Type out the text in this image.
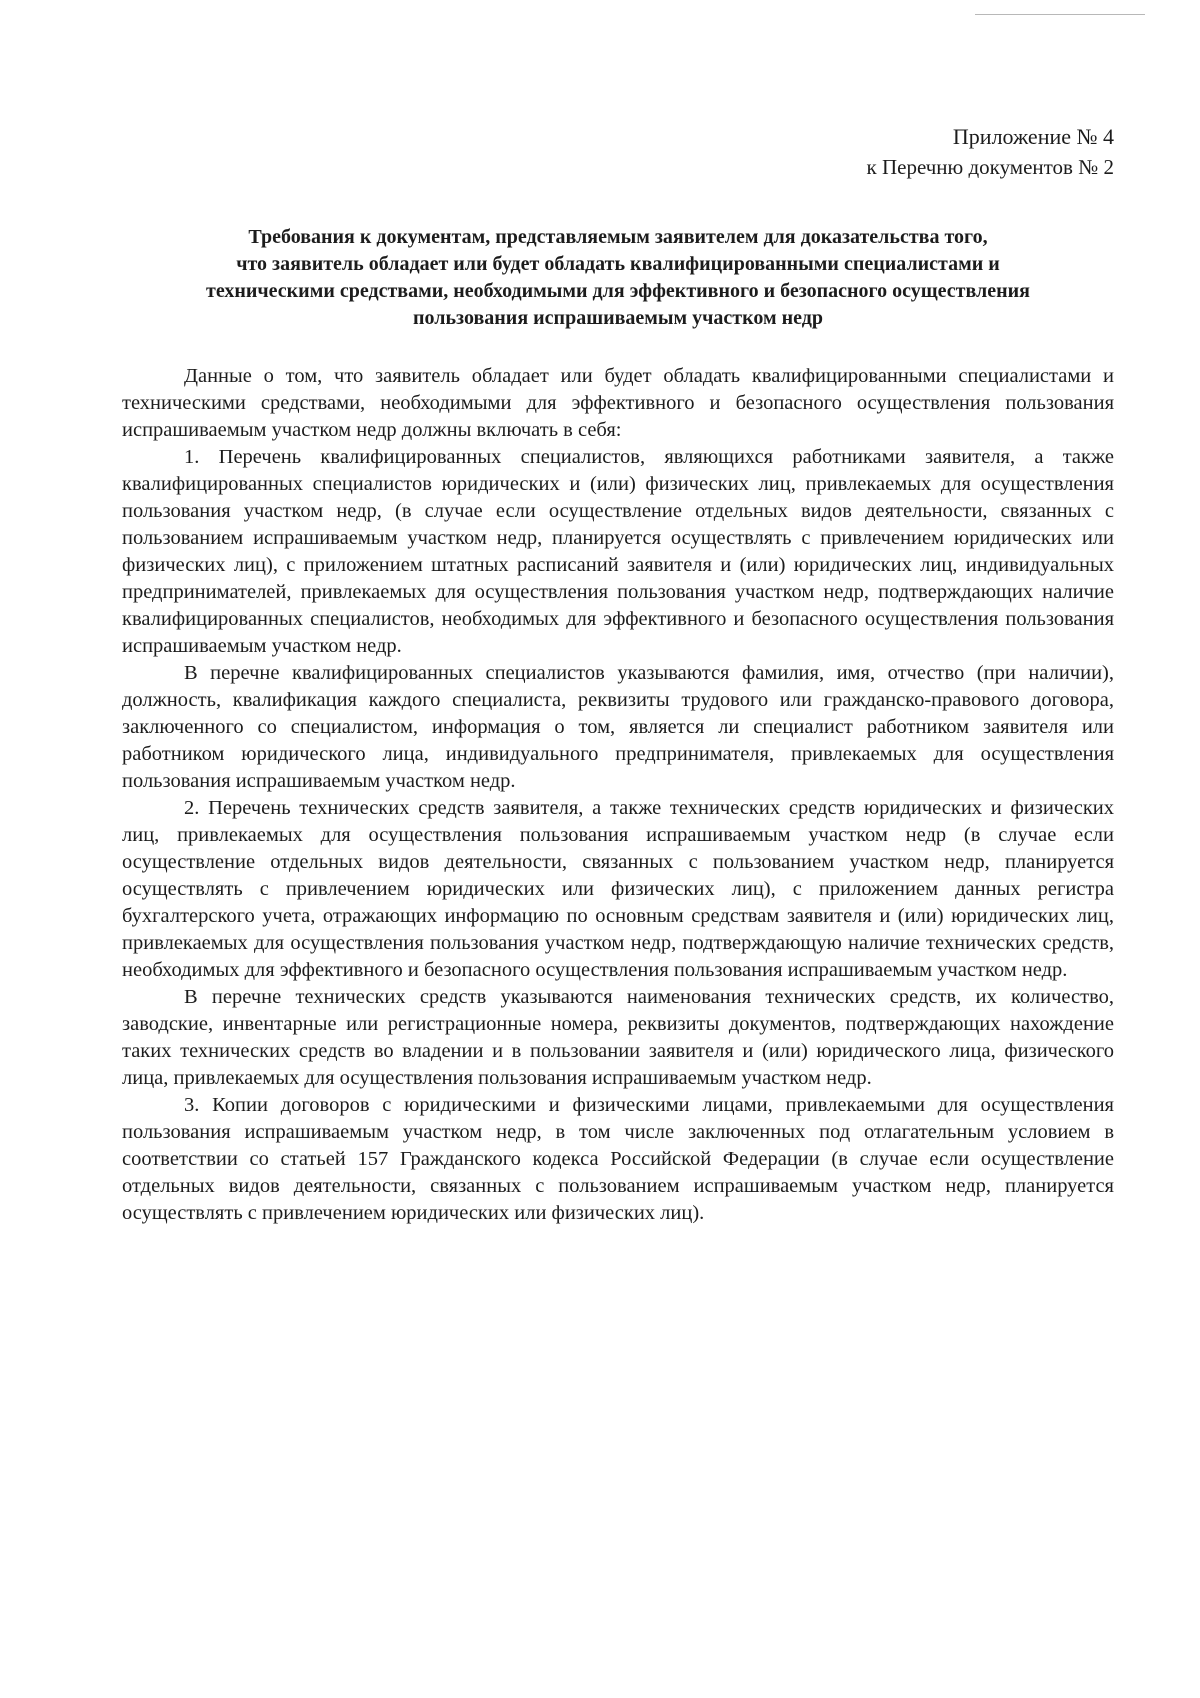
Приложение № 4
к Перечню документов № 2
Требования к документам, представляемым заявителем для доказательства того,
что заявитель обладает или будет обладать квалифицированными специалистами и
техническими средствами, необходимыми для эффективного и безопасного осуществления
пользования испрашиваемым участком недр

Данные о том, что заявитель обладает или будет обладать квалифицированными специалистами и техническими средствами, необходимыми для эффективного и безопасного осуществления пользования испрашиваемым участком недр должны включать в себя:

1. Перечень квалифицированных специалистов, являющихся работниками заявителя, а также квалифицированных специалистов юридических и (или) физических лиц, привлекаемых для осуществления пользования участком недр, (в случае если осуществление отдельных видов деятельности, связанных с пользованием испрашиваемым участком недр, планируется осуществлять с привлечением юридических или физических лиц), с приложением штатных расписаний заявителя и (или) юридических лиц, индивидуальных предпринимателей, привлекаемых для осуществления пользования участком недр, подтверждающих наличие квалифицированных специалистов, необходимых для эффективного и безопасного осуществления пользования испрашиваемым участком недр.

В перечне квалифицированных специалистов указываются фамилия, имя, отчество (при наличии), должность, квалификация каждого специалиста, реквизиты трудового или гражданско-правового договора, заключенного со специалистом, информация о том, является ли специалист работником заявителя или работником юридического лица, индивидуального предпринимателя, привлекаемых для осуществления пользования испрашиваемым участком недр.

2. Перечень технических средств заявителя, а также технических средств юридических и физических лиц, привлекаемых для осуществления пользования испрашиваемым участком недр (в случае если осуществление отдельных видов деятельности, связанных с пользованием участком недр, планируется осуществлять с привлечением юридических или физических лиц), с приложением данных регистра бухгалтерского учета, отражающих информацию по основным средствам заявителя и (или) юридических лиц, привлекаемых для осуществления пользования участком недр, подтверждающую наличие технических средств, необходимых для эффективного и безопасного осуществления пользования испрашиваемым участком недр.

В перечне технических средств указываются наименования технических средств, их количество, заводские, инвентарные или регистрационные номера, реквизиты документов, подтверждающих нахождение таких технических средств во владении и в пользовании заявителя и (или) юридического лица, физического лица, привлекаемых для осуществления пользования испрашиваемым участком недр.

3. Копии договоров с юридическими и физическими лицами, привлекаемыми для осуществления пользования испрашиваемым участком недр, в том числе заключенных под отлагательным условием в соответствии со статьей 157 Гражданского кодекса Российской Федерации (в случае если осуществление отдельных видов деятельности, связанных с пользованием испрашиваемым участком недр, планируется осуществлять с привлечением юридических или физических лиц).
